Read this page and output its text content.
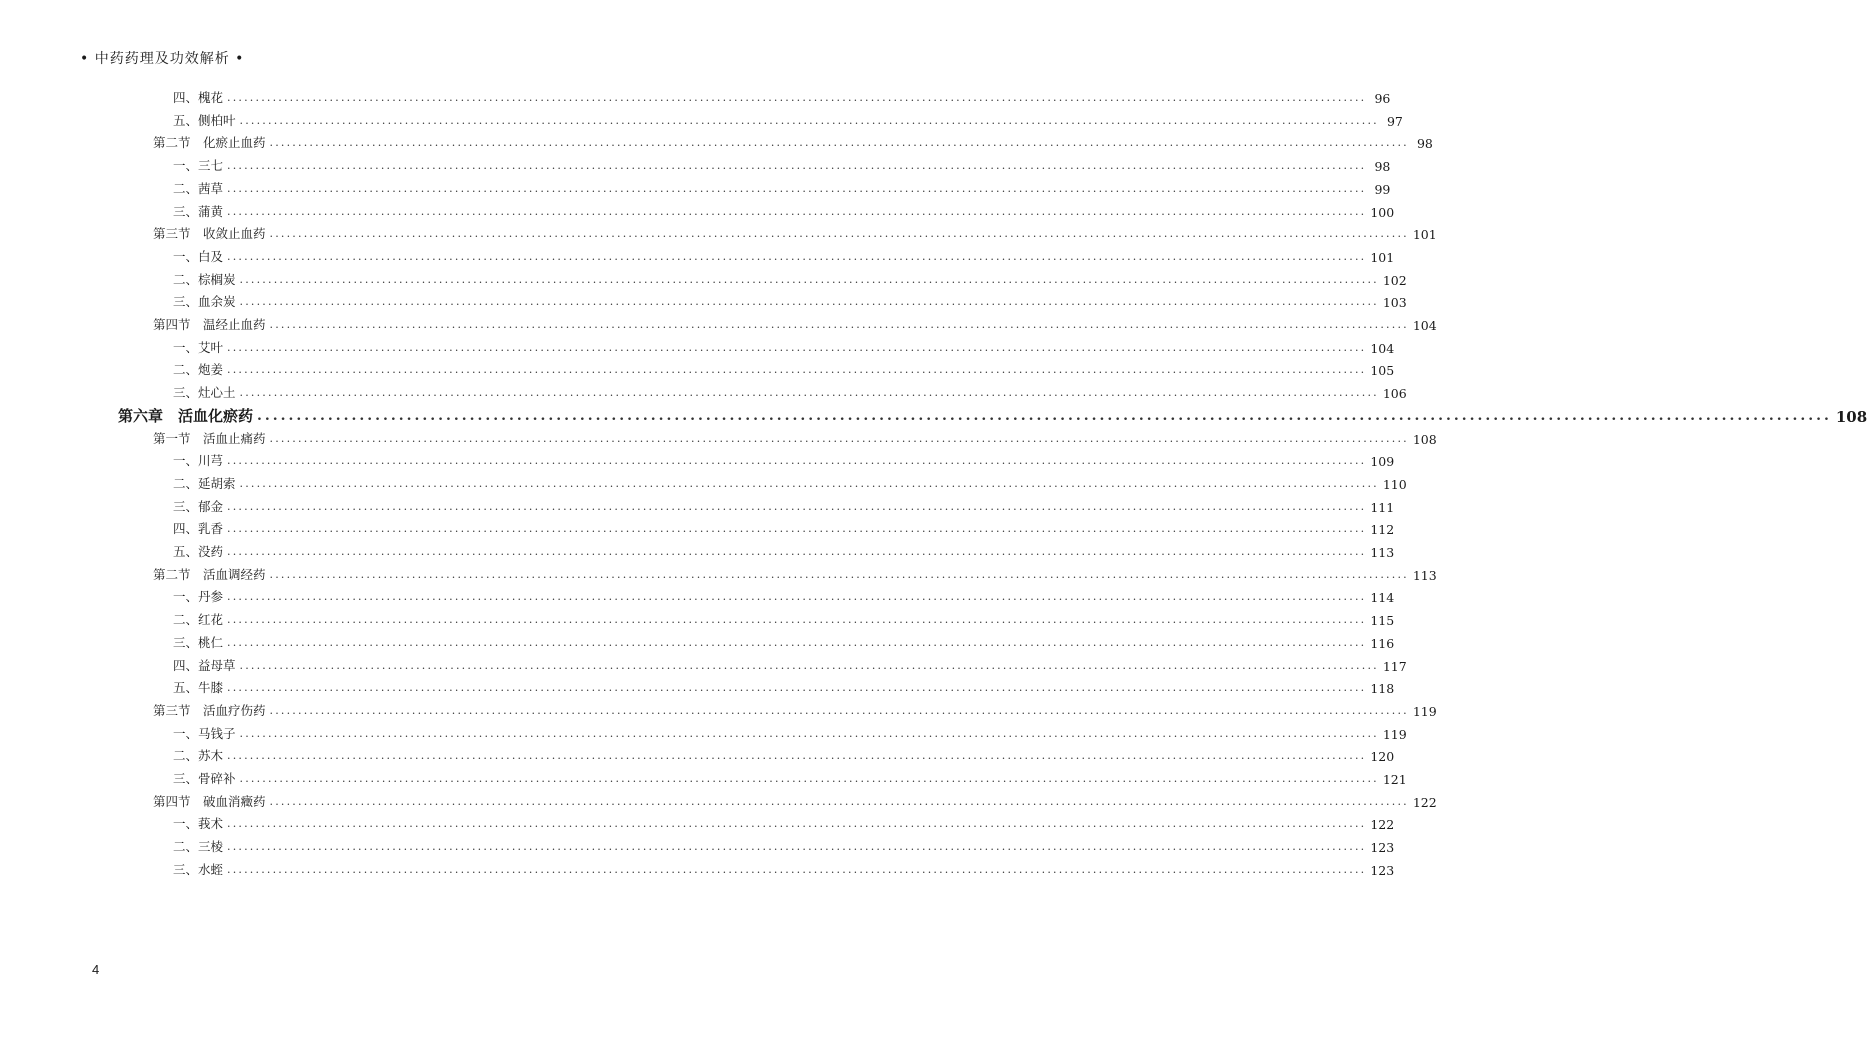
• 中药药理及功效解析 •
四、槐花 ........................................................................................................................................................................................................ 96
五、侧柏叶 ........................................................................................................................................................................................................ 97
第二节　化瘀止血药 ........................................................................................................................................................................................................ 98
一、三七 ........................................................................................................................................................................................................ 98
二、茜草 ........................................................................................................................................................................................................ 99
三、蒲黄 ........................................................................................................................................................................................................ 100
第三节　收敛止血药 ........................................................................................................................................................................................................ 101
一、白及 ........................................................................................................................................................................................................ 101
二、棕榈炭 ........................................................................................................................................................................................................ 102
三、血余炭 ........................................................................................................................................................................................................ 103
第四节　温经止血药 ........................................................................................................................................................................................................ 104
一、艾叶 ........................................................................................................................................................................................................ 104
二、炮姜 ........................................................................................................................................................................................................ 105
三、灶心土 ........................................................................................................................................................................................................ 106
第六章　活血化瘀药 ........................................................................................................................................................................................................ 108
第一节　活血止痛药 ........................................................................................................................................................................................................ 108
一、川芎 ........................................................................................................................................................................................................ 109
二、延胡索 ........................................................................................................................................................................................................ 110
三、郁金 ........................................................................................................................................................................................................ 111
四、乳香 ........................................................................................................................................................................................................ 112
五、没药 ........................................................................................................................................................................................................ 113
第二节　活血调经药 ........................................................................................................................................................................................................ 113
一、丹参 ........................................................................................................................................................................................................ 114
二、红花 ........................................................................................................................................................................................................ 115
三、桃仁 ........................................................................................................................................................................................................ 116
四、益母草 ........................................................................................................................................................................................................ 117
五、牛膝 ........................................................................................................................................................................................................ 118
第三节　活血疗伤药 ........................................................................................................................................................................................................ 119
一、马钱子 ........................................................................................................................................................................................................ 119
二、苏木 ........................................................................................................................................................................................................ 120
三、骨碎补 ........................................................................................................................................................................................................ 121
第四节　破血消癥药 ........................................................................................................................................................................................................ 122
一、莪术 ........................................................................................................................................................................................................ 122
二、三棱 ........................................................................................................................................................................................................ 123
三、水蛭 ........................................................................................................................................................................................................ 123
4
